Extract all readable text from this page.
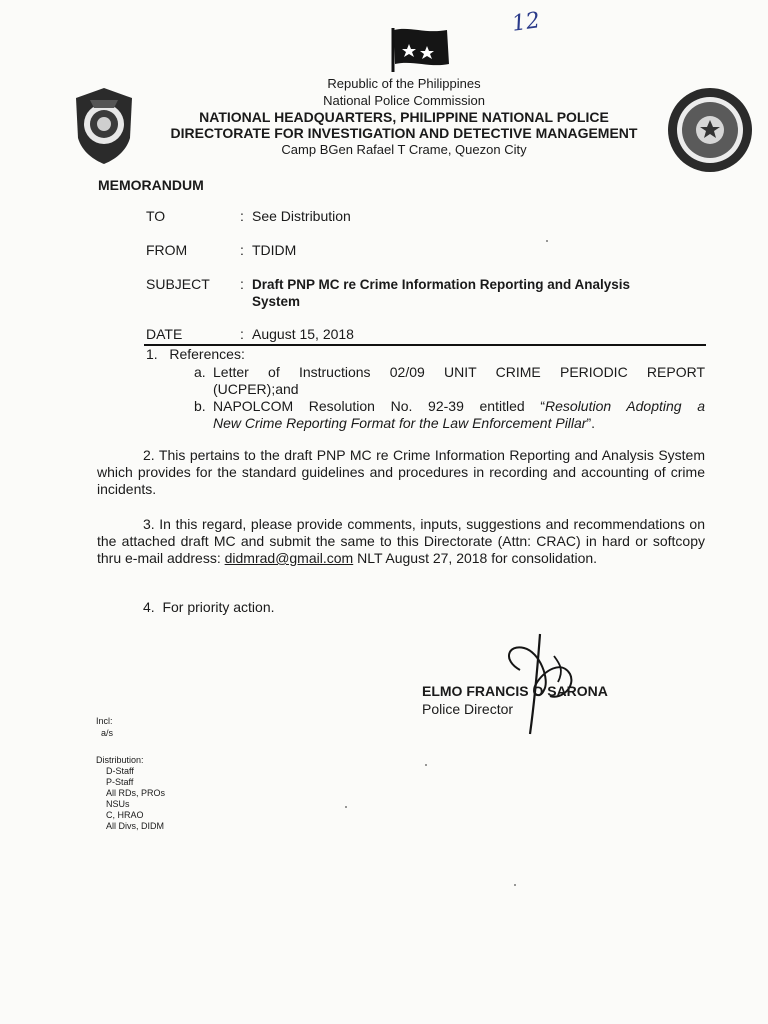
12
Republic of the Philippines
National Police Commission
NATIONAL HEADQUARTERS, PHILIPPINE NATIONAL POLICE
DIRECTORATE FOR INVESTIGATION AND DETECTIVE MANAGEMENT
Camp BGen Rafael T Crame, Quezon City
MEMORANDUM
TO	: See Distribution
FROM	: TDIDM
SUBJECT : Draft PNP MC re Crime Information Reporting and Analysis
System
DATE	: August 15, 2018
1.   References:
a. Letter of Instructions 02/09 UNIT CRIME PERIODIC REPORT
(UCPER);and
b. NAPOLCOM Resolution No. 92-39 entitled “Resolution Adopting a
New Crime Reporting Format for the Law Enforcement Pillar”.
2. This pertains to the draft PNP MC re Crime Information Reporting and Analysis System which provides for the standard guidelines and procedures in recording and accounting of crime incidents.
3. In this regard, please provide comments, inputs, suggestions and recommendations on the attached draft MC and submit the same to this Directorate (Attn: CRAC) in hard or softcopy thru e-mail address: didmrad@gmail.com NLT August 27, 2018 for consolidation.
4.  For priority action.
ELMO FRANCIS O SARONA
Police Director
Incl:
a/s
Distribution:
D-Staff
P-Staff
All RDs, PROs
NSUs
C, HRAO
All Divs, DIDM
